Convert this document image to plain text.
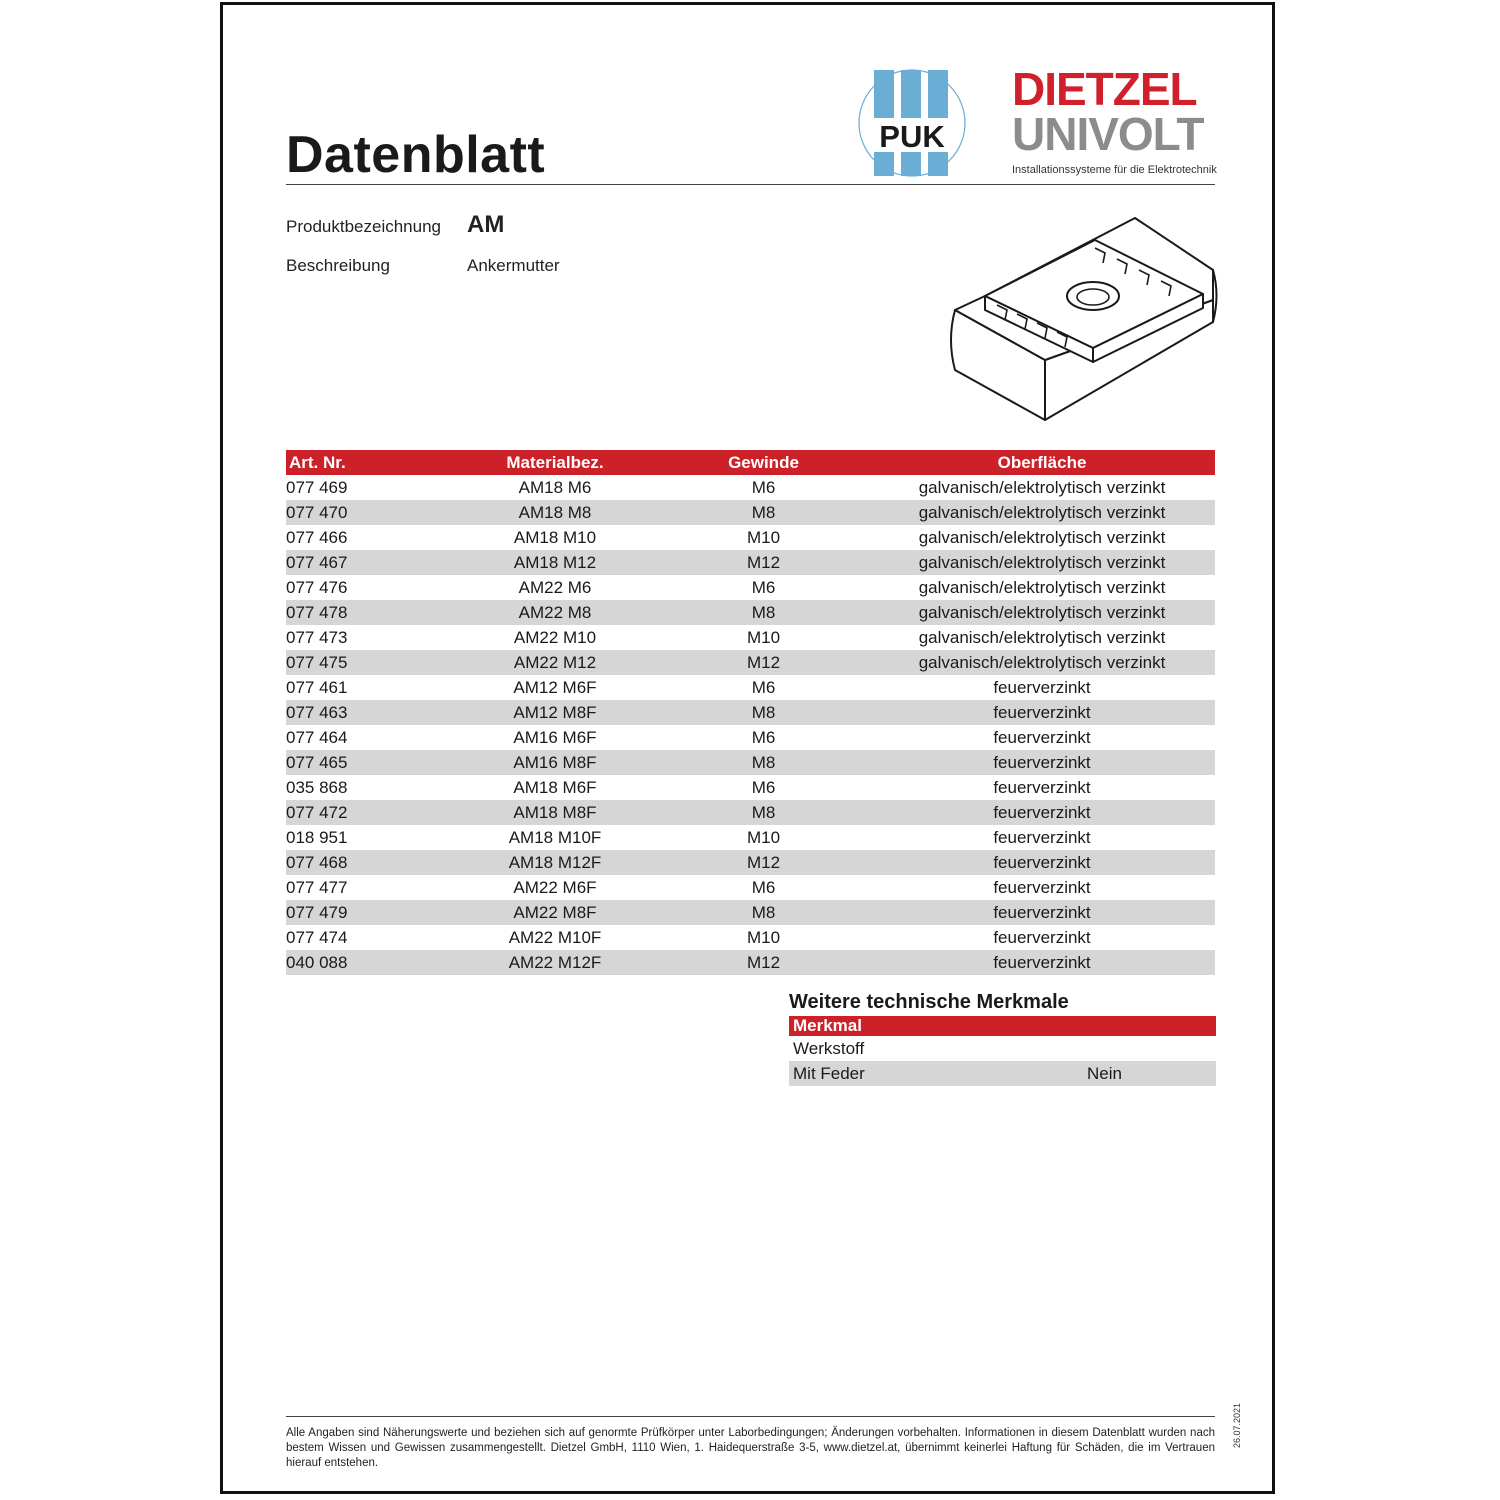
Datenblatt	PUK
DIETZEL
UNIVOLT
Installationssysteme für die Elektrotechnik
Produktbezeichnung AM
Beschreibung	Ankermutter
Art. Nr.	Materialbez.	Gewinde	Oberfläche
077 469	AM18 M6	M6	galvanisch/elektrolytisch verzinkt
077 470	AM18 M8	M8	galvanisch/elektrolytisch verzinkt
077 466	AM18 M10	M10	galvanisch/elektrolytisch verzinkt
077 467	AM18 M12	M12	galvanisch/elektrolytisch verzinkt
077 476	AM22 M6	M6	galvanisch/elektrolytisch verzinkt
077 478	AM22 M8	M8	galvanisch/elektrolytisch verzinkt
077 473	AM22 M10	M10	galvanisch/elektrolytisch verzinkt
077 475	AM22 M12	M12	galvanisch/elektrolytisch verzinkt
077 461	AM12 M6F	M6	feuerverzinkt
077 463	AM12 M8F	M8	feuerverzinkt
077 464	AM16 M6F	M6	feuerverzinkt
077 465	AM16 M8F	M8	feuerverzinkt
035 868	AM18 M6F	M6	feuerverzinkt
077 472	AM18 M8F	M8	feuerverzinkt
018 951	AM18 M10F	M10	feuerverzinkt
077 468	AM18 M12F	M12	feuerverzinkt
077 477	AM22 M6F	M6	feuerverzinkt
077 479	AM22 M8F	M8	feuerverzinkt
077 474	AM22 M10F	M10	feuerverzinkt
040 088	AM22 M12F	M12	feuerverzinkt
Weitere technische Merkmale
Merkmal	
Werkstoff	
Mit Feder	Nein
Alle Angaben sind Näherungswerte und beziehen sich auf genormte Prüfkörper unter Laborbedingungen; Änderungen vorbehalten. Informationen in diesem Datenblatt wurden nach bestem Wissen und Gewissen zusammengestellt. Dietzel GmbH, 1110 Wien, 1. Haidequerstraße 3-5, www.dietzel.at, übernimmt keinerlei Haftung für Schäden, die im Vertrauen hierauf entstehen.
26.07.2021
